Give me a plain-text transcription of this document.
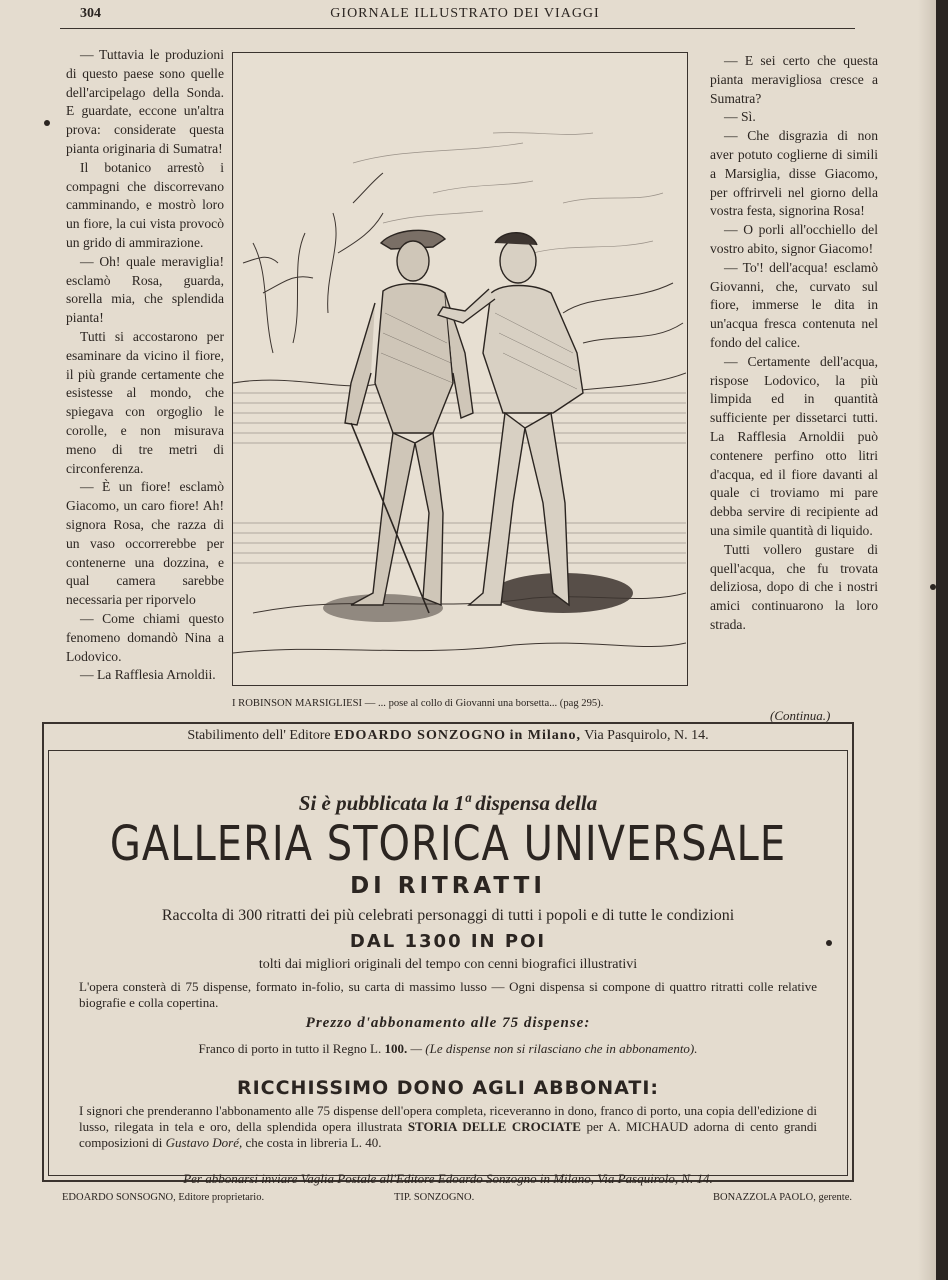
304	GIORNALE ILLUSTRATO DEI VIAGGI

— Tuttavia le produzioni di questo paese sono quelle dell'arcipelago della Sonda. E guardate, eccone un'altra prova: considerate questa pianta originaria di Sumatra!

Il botanico arrestò i compagni che discorrevano camminando, e mostrò loro un fiore, la cui vista provocò un grido di ammirazione.

— Oh! quale meraviglia! esclamò Rosa, guarda, sorella mia, che splendida pianta!

Tutti si accostarono per esaminare da vicino il fiore, il più grande certamente che esistesse al mondo, che spiegava con orgoglio le corolle, e non misurava meno di tre metri di circonferenza.

— È un fiore! esclamò Giacomo, un caro fiore! Ah! signora Rosa, che razza di un vaso occorrerebbe per contenerne una dozzina, e qual camera sarebbe necessaria per riporvelo

— Come chiami questo fenomeno domandò Nina a Lodovico.

— La Rafflesia Arnoldii.

I ROBINSON MARSIGLIESI — ... pose al collo di Giovanni una borsetta... (pag 295).

— E sei certo che questa pianta meravigliosa cresce a Sumatra?

— Sì.

— Che disgrazia di non aver potuto coglierne di simili a Marsiglia, disse Giacomo, per offrirveli nel giorno della vostra festa, signorina Rosa!

— O porli all'occhiello del vostro abito, signor Giacomo!

— To'! dell'acqua! esclamò Giovanni, che, curvato sul fiore, immerse le dita in un'acqua fresca contenuta nel fondo del calice.

— Certamente dell'acqua, rispose Lodovico, la più limpida ed in quantità sufficiente per dissetarci tutti. La Rafflesia Arnoldii può contenere perfino otto litri d'acqua, ed il fiore davanti al quale ci troviamo mi pare debba servire di recipiente ad una simile quantità di liquido.

Tutti vollero gustare di quell'acqua, che fu trovata deliziosa, dopo di che i nostri amici continuarono la loro strada.

(Continua.)
Stabilimento dell' Editore EDOARDO SONZOGNO in Milano, Via Pasquirolo, N. 14.
Si è pubblicata la 1ª dispensa della
GALLERIA STORICA UNIVERSALE
DI RITRATTI
Raccolta di 300 ritratti dei più celebrati personaggi di tutti i popoli e di tutte le condizioni
DAL 1300 IN POI
tolti dai migliori originali del tempo con cenni biografici illustrativi
L'opera consterà di 75 dispense, formato in-folio, su carta di massimo lusso — Ogni dispensa si compone di quattro ritratti colle relative biografie e colla copertina.
Prezzo d'abbonamento alle 75 dispense:
Franco di porto in tutto il Regno L. 100. — (Le dispense non si rilasciano che in abbonamento).
RICCHISSIMO DONO AGLI ABBONATI:
I signori che prenderanno l'abbonamento alle 75 dispense dell'opera completa, riceveranno in dono, franco di porto, una copia dell'edizione di lusso, rilegata in tela e oro, della splendida opera illustrata STORIA DELLE CROCIATE per A. MICHAUD adorna di cento grandi composizioni di Gustavo Doré, che costa in libreria L. 40.
Per abbonarsi inviare Vaglia Postale all'Editore Edoardo Sonzogno in Milano, Via Pasquirolo, N. 14.
EDOARDO SONSOGNO, Editore proprietario.	TIP. SONZOGNO.	BONAZZOLA PAOLO, gerente.
